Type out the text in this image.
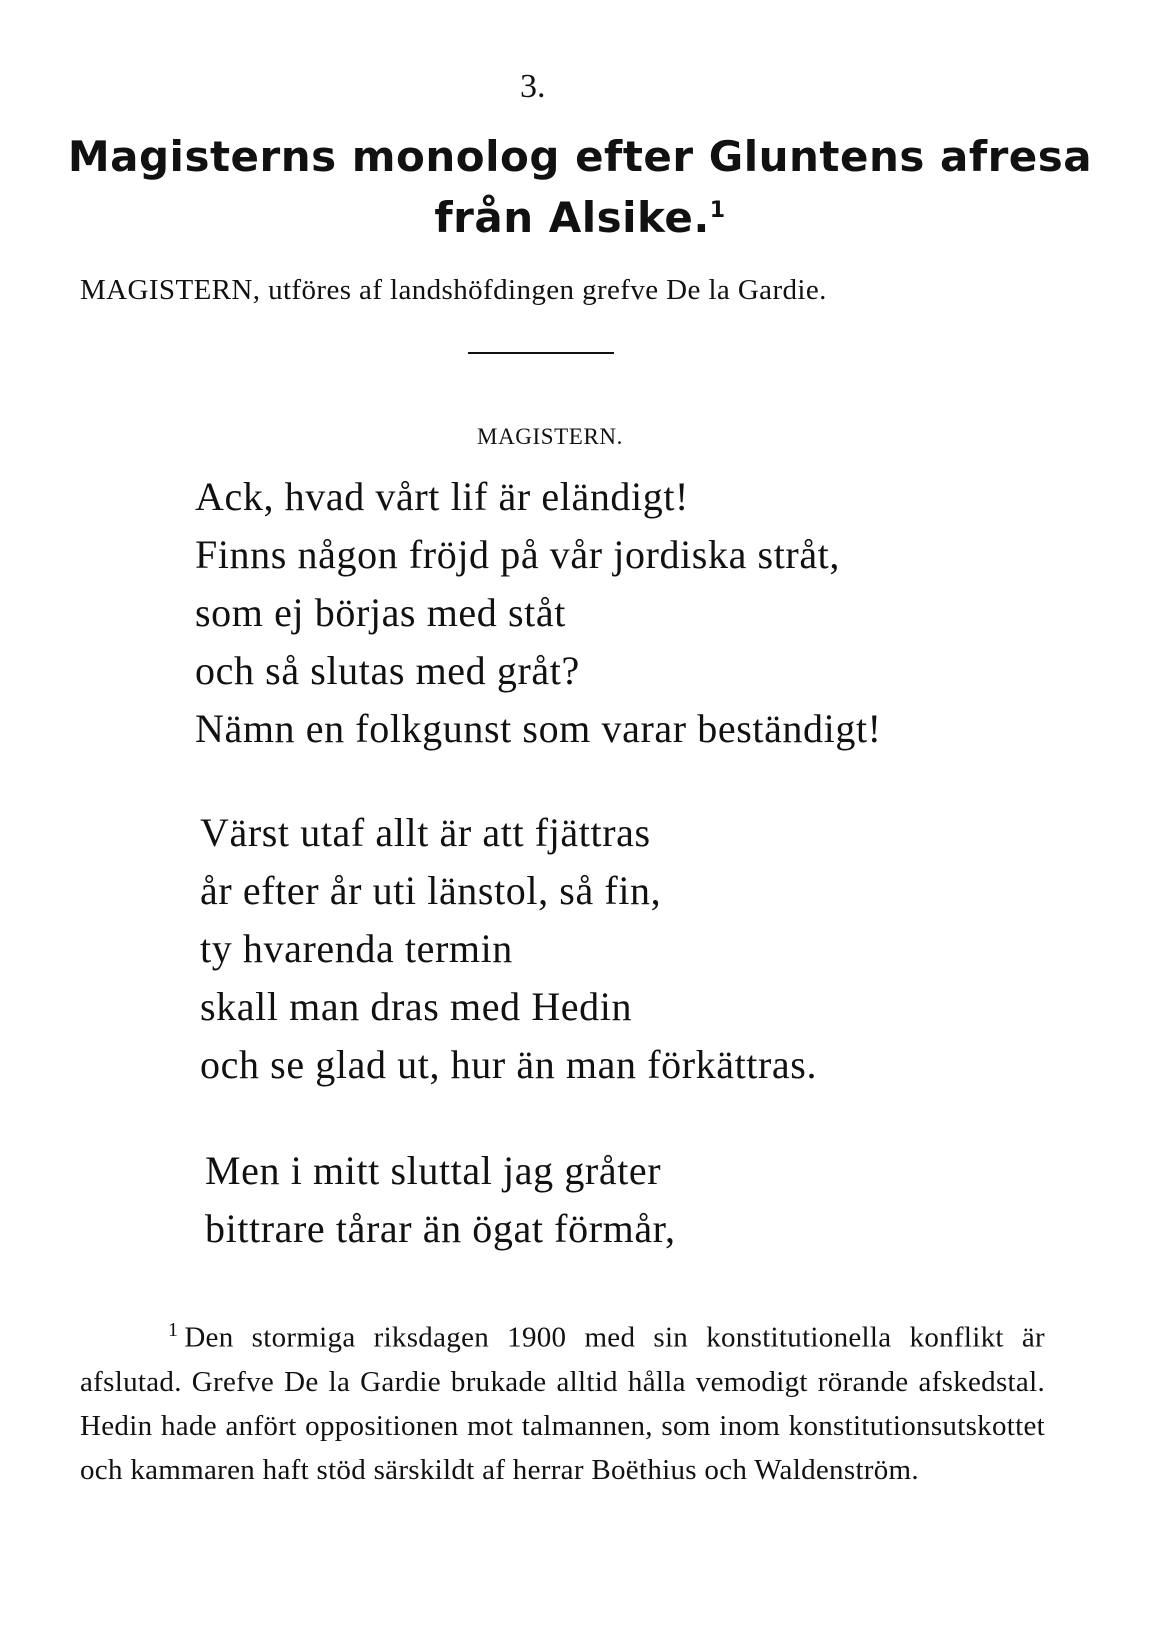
3.
Magisterns monolog efter Gluntens afresa
från Alsike.$^1$
MAGISTERN, utföres af landshöfdingen grefve De la Gardie.
MAGISTERN.
Ack, hvad vårt lif är eländigt!
Finns någon fröjd på vår jordiska stråt,
som ej börjas med ståt
och så slutas med gråt?
Nämn en folkgunst som varar beständigt!
Värst utaf allt är att fjättras
år efter år uti länstol, så fin,
ty hvarenda termin
skall man dras med Hedin
och se glad ut, hur än man förkättras.
Men i mitt sluttal jag gråter
bittrare tårar än ögat förmår,
$^1$ Den stormiga riksdagen 1900 med sin konstitutionella konflikt är afslutad. Grefve De la Gardie brukade alltid hålla vemodigt rörande afskedstal. Hedin hade anfört oppositionen mot talmannen, som inom konstitutionsutskottet och kammaren haft stöd särskildt af herrar Boëthius och Waldenström.
